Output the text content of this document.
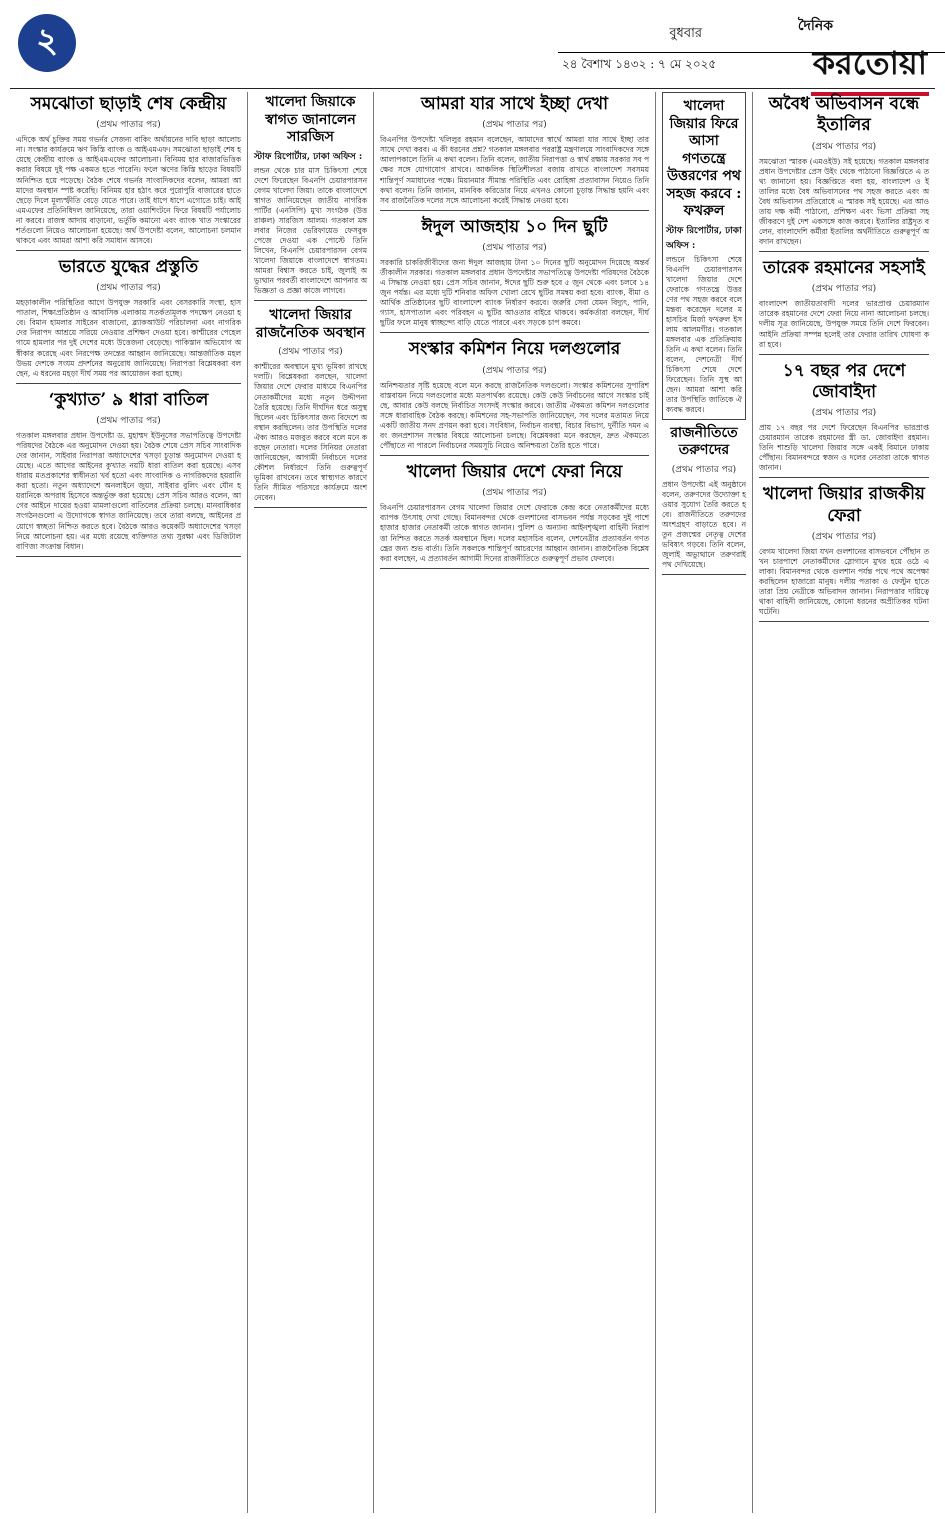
২	বুধবার
২৪ বৈশাখ ১৪৩২ : ৭ মে ২০২৫
দৈনিক
করতোয়া
সমঝোতা ছাড়াই শেষ কেন্দ্রীয়
(প্রথম পাতার পর)

এদিকে অর্থ চুক্তির সময় গভর্নর সেজন্য বাকিং অর্থায়নের দাবি ছাড়া আলোচনা। সংস্কার কার্যক্রমে ঋণ কিস্তি ব্যাংক ও আইএমএফ। সমঝোতা ছাড়াই শেষ হয়েছে কেন্দ্রীয় ব্যাংক ও আইএমএফের আলোচনা। বিনিময় হার বাজারভিত্তিক করার বিষয়ে দুই পক্ষ একমত হতে পারেনি। ফলে ঋণের কিস্তি ছাড়ের বিষয়টি অনিশ্চিত হয়ে পড়েছে। বৈঠক শেষে গভর্নর সাংবাদিকদের বলেন, আমরা আমাদের অবস্থান স্পষ্ট করেছি। বিনিময় হার হঠাৎ করে পুরোপুরি বাজারের হাতে ছেড়ে দিলে মূল্যস্ফীতি বেড়ে যেতে পারে। তাই ধাপে ধাপে এগোতে চাই। আইএমএফের প্রতিনিধিদল জানিয়েছে, তারা ওয়াশিংটনে ফিরে বিষয়টি পর্যালোচনা করবে। রাজস্ব আদায় বাড়ানো, ভর্তুকি কমানো এবং ব্যাংক খাত সংস্কারের শর্তগুলো নিয়েও আলোচনা হয়েছে। অর্থ উপদেষ্টা বলেন, আলোচনা চলমান থাকবে এবং আমরা আশা করি সমাধান আসবে।

ভারতে যুদ্ধের প্রস্তুতি
(প্রথম পাতার পর)

মহড়াকালীন পরিস্থিতির আগে উপযুক্ত সরকারি এবং বেসরকারি সংস্থা, হাসপাতাল, শিক্ষাপ্রতিষ্ঠান ও আবাসিক এলাকায় সতর্কতামূলক পদক্ষেপ নেওয়া হবে। বিমান হামলার সাইরেন বাজানো, ব্ল্যাকআউট পরিচালনা এবং নাগরিকদের নিরাপদ আশ্রয়ে সরিয়ে নেওয়ার প্রশিক্ষণ দেওয়া হবে। কাশ্মীরের পেহেলগামে হামলার পর দুই দেশের মধ্যে উত্তেজনা বেড়েছে। পাকিস্তান অভিযোগ অস্বীকার করেছে এবং নিরপেক্ষ তদন্তের আহ্বান জানিয়েছে। আন্তর্জাতিক মহল উভয় দেশকে সংযম প্রদর্শনের অনুরোধ জানিয়েছে। নিরাপত্তা বিশ্লেষকরা বলছেন, এ ধরনের মহড়া দীর্ঘ সময় পর আয়োজন করা হচ্ছে।

‘কুখ্যাত’ ৯ ধারা বাতিল
(প্রথম পাতার পর)

গতকাল মঙ্গলবার প্রধান উপদেষ্টা ড. মুহাম্মদ ইউনূসের সভাপতিত্বে উপদেষ্টা পরিষদের বৈঠকে এর অনুমোদন দেওয়া হয়। বৈঠক শেষে প্রেস সচিব সাংবাদিকদের জানান, সাইবার নিরাপত্তা অধ্যাদেশের খসড়া চূড়ান্ত অনুমোদন দেওয়া হয়েছে। এতে আগের আইনের কুখ্যাত নয়টি ধারা বাতিল করা হয়েছে। এসব ধারায় মতপ্রকাশের স্বাধীনতা খর্ব হতো এবং সাংবাদিক ও নাগরিকদের হয়রানি করা হতো। নতুন অধ্যাদেশে অনলাইনে জুয়া, সাইবার বুলিং এবং যৌন হয়রানিকে অপরাধ হিসেবে অন্তর্ভুক্ত করা হয়েছে। প্রেস সচিব আরও বলেন, আগের আইনে দায়ের হওয়া মামলাগুলো বাতিলের প্রক্রিয়া চলছে। মানবাধিকার সংগঠনগুলো এ উদ্যোগকে স্বাগত জানিয়েছে। তবে তারা বলছে, আইনের প্রয়োগে স্বচ্ছতা নিশ্চিত করতে হবে। বৈঠকে আরও কয়েকটি অধ্যাদেশের খসড়া নিয়ে আলোচনা হয়। এর মধ্যে রয়েছে ব্যক্তিগত তথ্য সুরক্ষা এবং ডিজিটাল বাণিজ্য সংক্রান্ত বিধান।

খালেদা জিয়াকে স্বাগত জানালেন সারজিস
স্টাফ রিপোর্টার, ঢাকা অফিস :

লন্ডন থেকে চার মাস চিকিৎসা শেষে দেশে ফিরেছেন বিএনপি চেয়ারপারসন বেগম খালেদা জিয়া। তাকে বাংলাদেশে স্বাগত জানিয়েছেন জাতীয় নাগরিক পার্টির (এনসিপি) মুখ্য সংগঠক (উত্তরাঞ্চল) সারজিস আলম। গতকাল মঙ্গলবার নিজের ভেরিফায়েড ফেসবুক পেজে দেওয়া এক পোস্টে তিনি লিখেন, বিএনপি চেয়ারপারসন বেগম খালেদা জিয়াকে বাংলাদেশে স্বাগতম। আমরা বিশ্বাস করতে চাই, জুলাই অভ্যুত্থান পরবর্তী বাংলাদেশে আপনার অভিজ্ঞতা ও প্রজ্ঞা কাজে লাগবে।

খালেদা জিয়ার রাজনৈতিক অবস্থান
(প্রথম পাতার পর)

কাশ্মীরের অবস্থানে মুখ্য ভূমিকা রাখছে দলটি। বিশ্লেষকরা বলছেন, খালেদা জিয়ার দেশে ফেরার মাধ্যমে বিএনপির নেতাকর্মীদের মধ্যে নতুন উদ্দীপনা তৈরি হয়েছে। তিনি দীর্ঘদিন ধরে অসুস্থ ছিলেন এবং চিকিৎসার জন্য বিদেশে অবস্থান করছিলেন। তার উপস্থিতি দলের ঐক্য আরও মজবুত করবে বলে মনে করছেন নেতারা। দলের সিনিয়র নেতারা জানিয়েছেন, আগামী নির্বাচনে দলের কৌশল নির্ধারণে তিনি গুরুত্বপূর্ণ ভূমিকা রাখবেন। তবে স্বাস্থ্যগত কারণে তিনি সীমিত পরিসরে কার্যক্রমে অংশ নেবেন।

আমরা যার সাথে ইচ্ছা দেখা
(প্রথম পাতার পর)

বিএনপির উপদেষ্টা খলিলুর রহমান বলেছেন, আমাদের স্বার্থে আমরা যার সাথে ইচ্ছা তার সাথে দেখা করব। এ কী ধরনের প্রশ্ন? গতকাল মঙ্গলবার পররাষ্ট্র মন্ত্রণালয়ে সাংবাদিকদের সঙ্গে আলাপকালে তিনি এ কথা বলেন। তিনি বলেন, জাতীয় নিরাপত্তা ও স্বার্থ রক্ষায় সরকার সব পক্ষের সঙ্গে যোগাযোগ রাখবে। আঞ্চলিক স্থিতিশীলতা বজায় রাখতে বাংলাদেশ সবসময় শান্তিপূর্ণ সমাধানের পক্ষে। মিয়ানমার সীমান্ত পরিস্থিতি এবং রোহিঙ্গা প্রত্যাবাসন নিয়েও তিনি কথা বলেন। তিনি জানান, মানবিক করিডোর নিয়ে এখনও কোনো চূড়ান্ত সিদ্ধান্ত হয়নি এবং সব রাজনৈতিক দলের সঙ্গে আলোচনা করেই সিদ্ধান্ত নেওয়া হবে।

ঈদুল আজহায় ১০ দিন ছুটি
(প্রথম পাতার পর)

সরকারি চাকরিজীবীদের জন্য ঈদুল আজহায় টানা ১০ দিনের ছুটি অনুমোদন দিয়েছে অন্তর্বর্তীকালীন সরকার। গতকাল মঙ্গলবার প্রধান উপদেষ্টার সভাপতিত্বে উপদেষ্টা পরিষদের বৈঠকে এ সিদ্ধান্ত নেওয়া হয়। প্রেস সচিব জানান, ঈদের ছুটি শুরু হবে ৫ জুন থেকে এবং চলবে ১৪ জুন পর্যন্ত। এর মধ্যে দুটি শনিবার অফিস খোলা রেখে ছুটির সমন্বয় করা হবে। ব্যাংক, বীমা ও আর্থিক প্রতিষ্ঠানের ছুটি বাংলাদেশ ব্যাংক নির্ধারণ করবে। জরুরি সেবা যেমন বিদ্যুৎ, পানি, গ্যাস, হাসপাতাল এবং পরিবহন এ ছুটির আওতার বাইরে থাকবে। কর্মকর্তারা বলছেন, দীর্ঘ ছুটির ফলে মানুষ স্বাচ্ছন্দ্যে বাড়ি যেতে পারবে এবং সড়কে চাপ কমবে।

সংস্কার কমিশন নিয়ে দলগুলোর
(প্রথম পাতার পর)

অনিশ্চয়তার সৃষ্টি হয়েছে বলে মনে করছে রাজনৈতিক দলগুলো। সংস্কার কমিশনের সুপারিশ বাস্তবায়ন নিয়ে দলগুলোর মধ্যে মতপার্থক্য রয়েছে। কেউ কেউ নির্বাচনের আগে সংস্কার চাইছে, আবার কেউ বলছে নির্বাচিত সংসদই সংস্কার করবে। জাতীয় ঐকমত্য কমিশন দলগুলোর সঙ্গে ধারাবাহিক বৈঠক করছে। কমিশনের সহ-সভাপতি জানিয়েছেন, সব দলের মতামত নিয়ে একটি জাতীয় সনদ প্রণয়ন করা হবে। সংবিধান, নির্বাচন ব্যবস্থা, বিচার বিভাগ, দুর্নীতি দমন এবং জনপ্রশাসন সংস্কার বিষয়ে আলোচনা চলছে। বিশ্লেষকরা মনে করছেন, দ্রুত ঐকমত্যে পৌঁছাতে না পারলে নির্বাচনের সময়সূচি নিয়েও অনিশ্চয়তা তৈরি হতে পারে।

খালেদা জিয়ার দেশে ফেরা নিয়ে
(প্রথম পাতার পর)

বিএনপি চেয়ারপারসন বেগম খালেদা জিয়ার দেশে ফেরাকে কেন্দ্র করে নেতাকর্মীদের মধ্যে ব্যাপক উৎসাহ দেখা গেছে। বিমানবন্দর থেকে গুলশানের বাসভবন পর্যন্ত সড়কের দুই পাশে হাজার হাজার নেতাকর্মী তাকে স্বাগত জানান। পুলিশ ও অন্যান্য আইনশৃঙ্খলা বাহিনী নিরাপত্তা নিশ্চিত করতে সতর্ক অবস্থানে ছিল। দলের মহাসচিব বলেন, দেশনেত্রীর প্রত্যাবর্তন গণতন্ত্রের জন্য শুভ বার্তা। তিনি সকলকে শান্তিপূর্ণ আচরণের আহ্বান জানান। রাজনৈতিক বিশ্লেষকরা বলছেন, এ প্রত্যাবর্তন আগামী দিনের রাজনীতিতে গুরুত্বপূর্ণ প্রভাব ফেলবে।

খালেদা জিয়ার ফিরে আসা গণতন্ত্রে উত্তরণের পথ সহজ করবে : ফখরুল
স্টাফ রিপোর্টার, ঢাকা অফিস :

লন্ডনে চিকিৎসা শেষে বিএনপি চেয়ারপারসন খালেদা জিয়ার দেশে ফেরাকে গণতন্ত্রে উত্তরণের পথ সহজ করবে বলে মন্তব্য করেছেন দলের মহাসচিব মির্জা ফখরুল ইসলাম আলমগীর। গতকাল মঙ্গলবার এক প্রতিক্রিয়ায় তিনি এ কথা বলেন। তিনি বলেন, দেশনেত্রী দীর্ঘ চিকিৎসা শেষে দেশে ফিরেছেন। তিনি সুস্থ আছেন। আমরা আশা করি তার উপস্থিতি জাতিকে ঐক্যবদ্ধ করবে।

রাজনীতিতে তরুণদের
(প্রথম পাতার পর)

প্রধান উপদেষ্টা এই অনুষ্ঠানে বলেন, তরুণদের উদ্যোক্তা হওয়ার সুযোগ তৈরি করতে হবে। রাজনীতিতে তরুণদের অংশগ্রহণ বাড়াতে হবে। নতুন প্রজন্মের নেতৃত্ব দেশের ভবিষ্যৎ গড়বে। তিনি বলেন, জুলাই অভ্যুত্থানে তরুণরাই পথ দেখিয়েছে।

অবৈধ অভিবাসন বন্ধে ইতালির
(প্রথম পাতার পর)

সমঝোতা স্মারক (এমওইউ) সই হয়েছে। গতকাল মঙ্গলবার প্রধান উপদেষ্টার প্রেস উইং থেকে পাঠানো বিজ্ঞপ্তিতে এ তথ্য জানানো হয়। বিজ্ঞপ্তিতে বলা হয়, বাংলাদেশ ও ইতালির মধ্যে বৈধ অভিবাসনের পথ সহজ করতে এবং অবৈধ অভিবাসন প্রতিরোধে এ স্মারক সই হয়েছে। এর আওতায় দক্ষ কর্মী পাঠানো, প্রশিক্ষণ এবং ভিসা প্রক্রিয়া সহজীকরণে দুই দেশ একসঙ্গে কাজ করবে। ইতালির রাষ্ট্রদূত বলেন, বাংলাদেশি কর্মীরা ইতালির অর্থনীতিতে গুরুত্বপূর্ণ অবদান রাখছেন।

তারেক রহমানের সহসাই
(প্রথম পাতার পর)

বাংলাদেশ জাতীয়তাবাদী দলের ভারপ্রাপ্ত চেয়ারম্যান তারেক রহমানের দেশে ফেরা নিয়ে নানা আলোচনা চলছে। দলীয় সূত্র জানিয়েছে, উপযুক্ত সময়ে তিনি দেশে ফিরবেন। আইনি প্রক্রিয়া সম্পন্ন হলেই তার ফেরার তারিখ ঘোষণা করা হবে।

১৭ বছর পর দেশে জোবাইদা
(প্রথম পাতার পর)

প্রায় ১৭ বছর পর দেশে ফিরেছেন বিএনপির ভারপ্রাপ্ত চেয়ারম্যান তারেক রহমানের স্ত্রী ডা. জোবাইদা রহমান। তিনি শাশুড়ি খালেদা জিয়ার সঙ্গে একই বিমানে ঢাকায় পৌঁছান। বিমানবন্দরে স্বজন ও দলের নেতারা তাকে স্বাগত জানান।

খালেদা জিয়ার রাজকীয় ফেরা
(প্রথম পাতার পর)

বেগম খালেদা জিয়া যখন গুলশানের বাসভবনে পৌঁছান তখন চারপাশে নেতাকর্মীদের স্লোগানে মুখর হয়ে ওঠে এলাকা। বিমানবন্দর থেকে গুলশান পর্যন্ত পথে পথে অপেক্ষা করছিলেন হাজারো মানুষ। দলীয় পতাকা ও ফেস্টুন হাতে তারা প্রিয় নেত্রীকে অভিবাদন জানান। নিরাপত্তার দায়িত্বে থাকা বাহিনী জানিয়েছে, কোনো ধরনের অপ্রীতিকর ঘটনা ঘটেনি।
